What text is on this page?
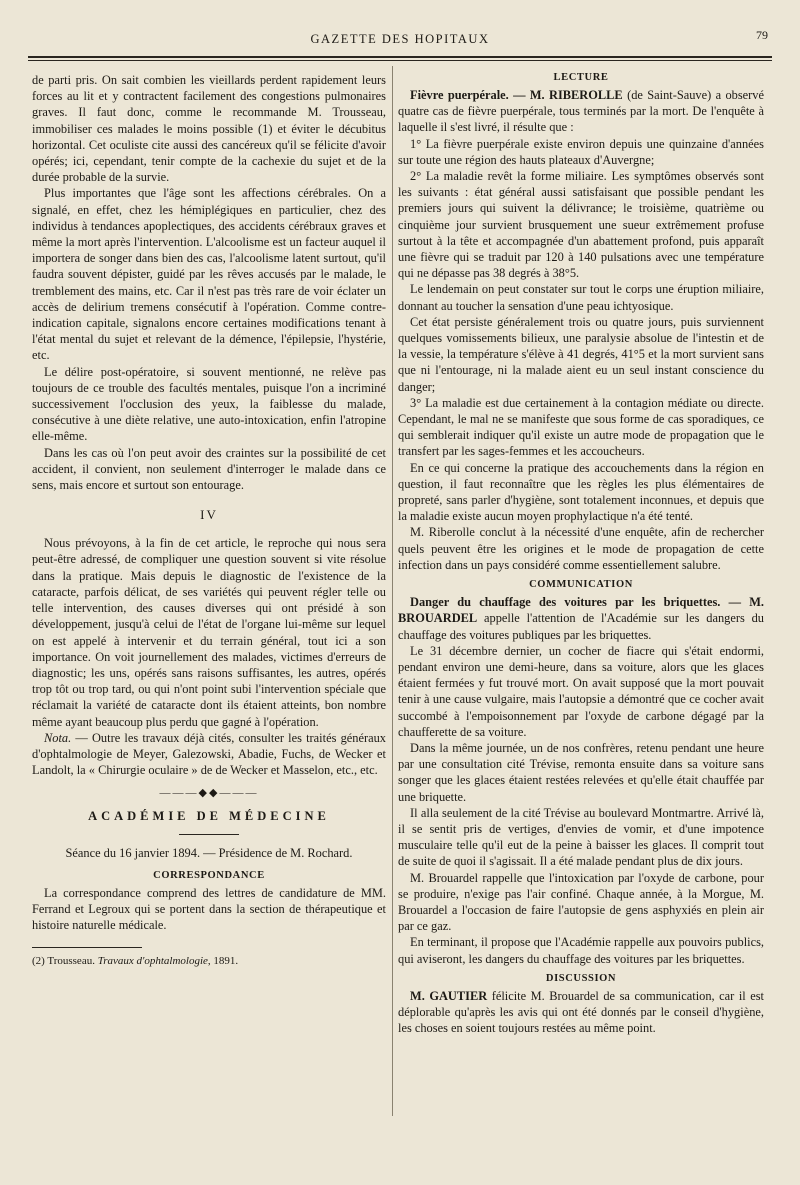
GAZETTE DES HOPITAUX	79

de parti pris. On sait combien les vieillards perdent rapidement leurs forces au lit et y contractent facilement des congestions pulmonaires graves. Il faut donc, comme le recommande M. Trousseau, immobiliser ces malades le moins possible (1) et éviter le décubitus horizontal. Cet oculiste cite aussi des cancéreux qu'il se félicite d'avoir opérés; ici, cependant, tenir compte de la cachexie du sujet et de la durée probable de la survie.

Plus importantes que l'âge sont les affections cérébrales. On a signalé, en effet, chez les hémiplégiques en particulier, chez des individus à tendances apoplectiques, des accidents cérébraux graves et même la mort après l'intervention. L'alcoolisme est un facteur auquel il importera de songer dans bien des cas, l'alcoolisme latent surtout, qu'il faudra souvent dépister, guidé par les rêves accusés par le malade, le tremblement des mains, etc. Car il n'est pas très rare de voir éclater un accès de delirium tremens consécutif à l'opération. Comme contre-indication capitale, signalons encore certaines modifications tenant à l'état mental du sujet et relevant de la démence, l'épilepsie, l'hystérie, etc.

Le délire post-opératoire, si souvent mentionné, ne relève pas toujours de ce trouble des facultés mentales, puisque l'on a incriminé successivement l'occlusion des yeux, la faiblesse du malade, consécutive à une diète relative, une auto-intoxication, enfin l'atropine elle-même.

Dans les cas où l'on peut avoir des craintes sur la possibilité de cet accident, il convient, non seulement d'interroger le malade dans ce sens, mais encore et surtout son entourage.

IV

Nous prévoyons, à la fin de cet article, le reproche qui nous sera peut-être adressé, de compliquer une question souvent si vite résolue dans la pratique. Mais depuis le diagnostic de l'existence de la cataracte, parfois délicat, de ses variétés qui peuvent régler telle ou telle intervention, des causes diverses qui ont présidé à son développement, jusqu'à celui de l'état de l'organe lui-même sur lequel on est appelé à intervenir et du terrain général, tout ici a son importance. On voit journellement des malades, victimes d'erreurs de diagnostic; les uns, opérés sans raisons suffisantes, les autres, opérés trop tôt ou trop tard, ou qui n'ont point subi l'intervention spéciale que réclamait la variété de cataracte dont ils étaient atteints, bon nombre même ayant beaucoup plus perdu que gagné à l'opération.

Nota. — Outre les travaux déjà cités, consulter les traités généraux d'ophtalmologie de Meyer, Galezowski, Abadie, Fuchs, de Wecker et Landolt, la « Chirurgie oculaire » de de Wecker et Masselon, etc., etc.

———◆◆———
ACADÉMIE DE MÉDECINE

Séance du 16 janvier 1894. — Présidence de M. Rochard.

CORRESPONDANCE

La correspondance comprend des lettres de candidature de MM. Ferrand et Legroux qui se portent dans la section de thérapeutique et histoire naturelle médicale.

(2) Trousseau. Travaux d'ophtalmologie, 1891.

LECTURE

Fièvre puerpérale. — M. RIBEROLLE (de Saint-Sauve) a observé quatre cas de fièvre puerpérale, tous terminés par la mort. De l'enquête à laquelle il s'est livré, il résulte que :

1° La fièvre puerpérale existe environ depuis une quinzaine d'années sur toute une région des hauts plateaux d'Auvergne;

2° La maladie revêt la forme miliaire. Les symptômes observés sont les suivants : état général aussi satisfaisant que possible pendant les premiers jours qui suivent la délivrance; le troisième, quatrième ou cinquième jour survient brusquement une sueur extrêmement profuse surtout à la tête et accompagnée d'un abattement profond, puis apparaît une fièvre qui se traduit par 120 à 140 pulsations avec une température qui ne dépasse pas 38 degrés à 38°5.

Le lendemain on peut constater sur tout le corps une éruption miliaire, donnant au toucher la sensation d'une peau ichtyosique.

Cet état persiste généralement trois ou quatre jours, puis surviennent quelques vomissements bilieux, une paralysie absolue de l'intestin et de la vessie, la température s'élève à 41 degrés, 41°5 et la mort survient sans que ni l'entourage, ni la malade aient eu un seul instant conscience du danger;

3° La maladie est due certainement à la contagion médiate ou directe. Cependant, le mal ne se manifeste que sous forme de cas sporadiques, ce qui semblerait indiquer qu'il existe un autre mode de propagation que le transfert par les sages-femmes et les accoucheurs.

En ce qui concerne la pratique des accouchements dans la région en question, il faut reconnaître que les règles les plus élémentaires de propreté, sans parler d'hygiène, sont totalement inconnues, et depuis que la maladie existe aucun moyen prophylactique n'a été tenté.

M. Riberolle conclut à la nécessité d'une enquête, afin de rechercher quels peuvent être les origines et le mode de propagation de cette infection dans un pays considéré comme essentiellement salubre.

COMMUNICATION

Danger du chauffage des voitures par les briquettes. — M. BROUARDEL appelle l'attention de l'Académie sur les dangers du chauffage des voitures publiques par les briquettes.

Le 31 décembre dernier, un cocher de fiacre qui s'était endormi, pendant environ une demi-heure, dans sa voiture, alors que les glaces étaient fermées y fut trouvé mort. On avait supposé que la mort pouvait tenir à une cause vulgaire, mais l'autopsie a démontré que ce cocher avait succombé à l'empoisonnement par l'oxyde de carbone dégagé par la chaufferette de sa voiture.

Dans la même journée, un de nos confrères, retenu pendant une heure par une consultation cité Trévise, remonta ensuite dans sa voiture sans songer que les glaces étaient restées relevées et qu'elle était chauffée par une briquette.

Il alla seulement de la cité Trévise au boulevard Montmartre. Arrivé là, il se sentit pris de vertiges, d'envies de vomir, et d'une impotence musculaire telle qu'il eut de la peine à baisser les glaces. Il comprit tout de suite de quoi il s'agissait. Il a été malade pendant plus de dix jours.

M. Brouardel rappelle que l'intoxication par l'oxyde de carbone, pour se produire, n'exige pas l'air confiné. Chaque année, à la Morgue, M. Brouardel a l'occasion de faire l'autopsie de gens asphyxiés en plein air par ce gaz.

En terminant, il propose que l'Académie rappelle aux pouvoirs publics, qui aviseront, les dangers du chauffage des voitures par les briquettes.

DISCUSSION

M. GAUTIER félicite M. Brouardel de sa communication, car il est déplorable qu'après les avis qui ont été donnés par le conseil d'hygiène, les choses en soient toujours restées au même point.
